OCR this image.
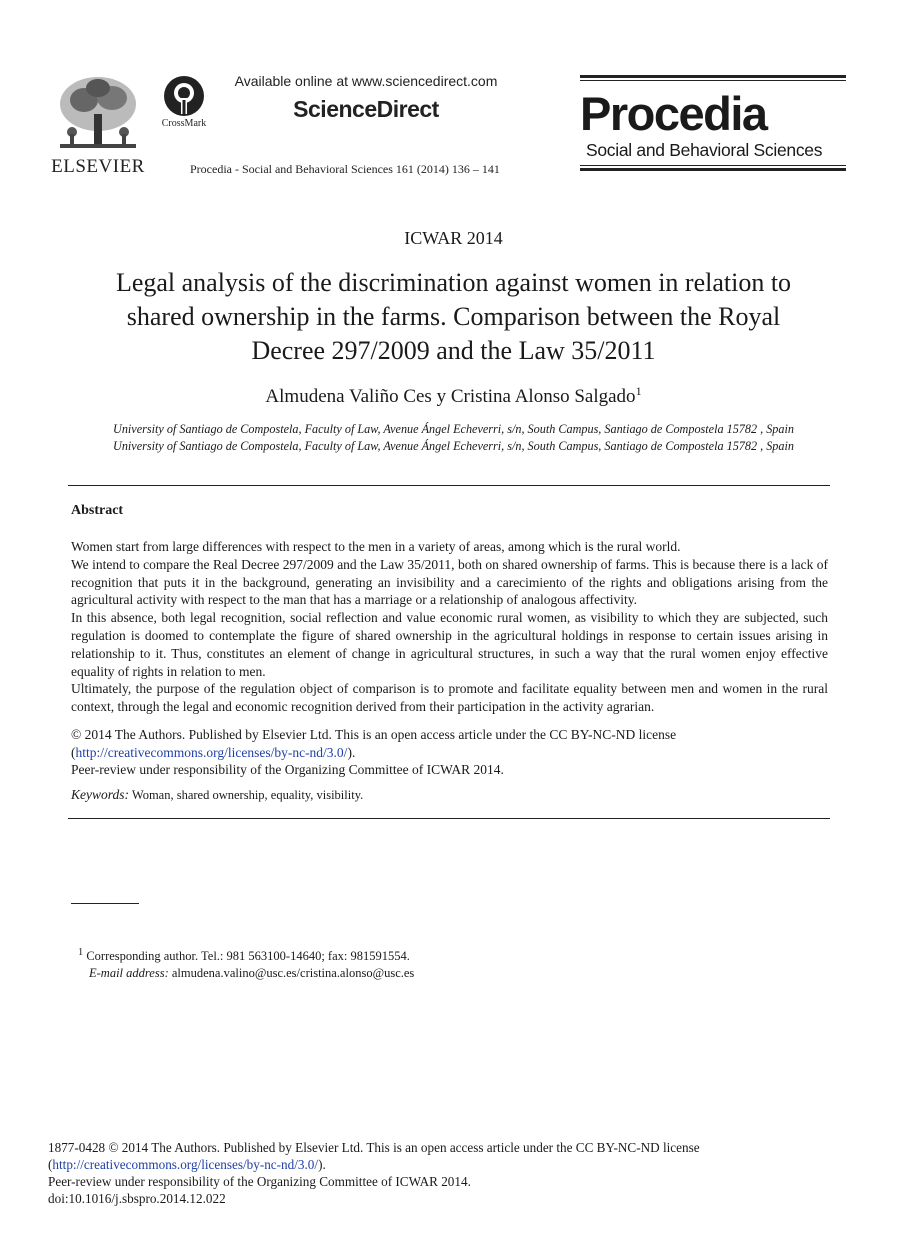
ELSEVIER
CrossMark
Available online at www.sciencedirect.com
ScienceDirect
Procedia - Social and Behavioral Sciences 161 (2014) 136 – 141
Procedia
Social and Behavioral Sciences
ICWAR 2014
Legal analysis of the discrimination against women in relation to
shared ownership in the farms. Comparison between the Royal
Decree 297/2009 and the Law 35/2011
Almudena Valiño Ces y Cristina Alonso Salgado$^1$
University of Santiago de Compostela, Faculty of Law, Avenue Ángel Echeverri, s/n, South Campus, Santiago de Compostela 15782 , Spain
University of Santiago de Compostela, Faculty of Law, Avenue Ángel Echeverri, s/n, South Campus, Santiago de Compostela 15782 , Spain
Abstract

Women start from large differences with respect to the men in a variety of areas, among which is the rural world.

We intend to compare the Real Decree 297/2009 and the Law 35/2011, both on shared ownership of farms. This is because there is a lack of recognition that puts it in the background, generating an invisibility and a carecimiento of the rights and obligations arising from the agricultural activity with respect to the man that has a marriage or a relationship of analogous affectivity.

In this absence, both legal recognition, social reflection and value economic rural women, as visibility to which they are subjected, such regulation is doomed to contemplate the figure of shared ownership in the agricultural holdings in response to certain issues arising in relationship to it. Thus, constitutes an element of change in agricultural structures, in such a way that the rural women enjoy effective equality of rights in relation to men.

Ultimately, the purpose of the regulation object of comparison is to promote and facilitate equality between men and women in the rural context, through the legal and economic recognition derived from their participation in the activity agrarian.

© 2014 The Authors. Published by Elsevier Ltd. This is an open access article under the CC BY-NC-ND license

(http://creativecommons.org/licenses/by-nc-nd/3.0/).

Peer-review under responsibility of the Organizing Committee of ICWAR 2014.

Keywords: Woman, shared ownership, equality, visibility.

$^1$ Corresponding author. Tel.: 981 563100-14640; fax: 981591554.

E-mail address: almudena.valino@usc.es/cristina.alonso@usc.es

1877-0428 © 2014 The Authors. Published by Elsevier Ltd. This is an open access article under the CC BY-NC-ND license

(http://creativecommons.org/licenses/by-nc-nd/3.0/).

Peer-review under responsibility of the Organizing Committee of ICWAR 2014.

doi:10.1016/j.sbspro.2014.12.022
